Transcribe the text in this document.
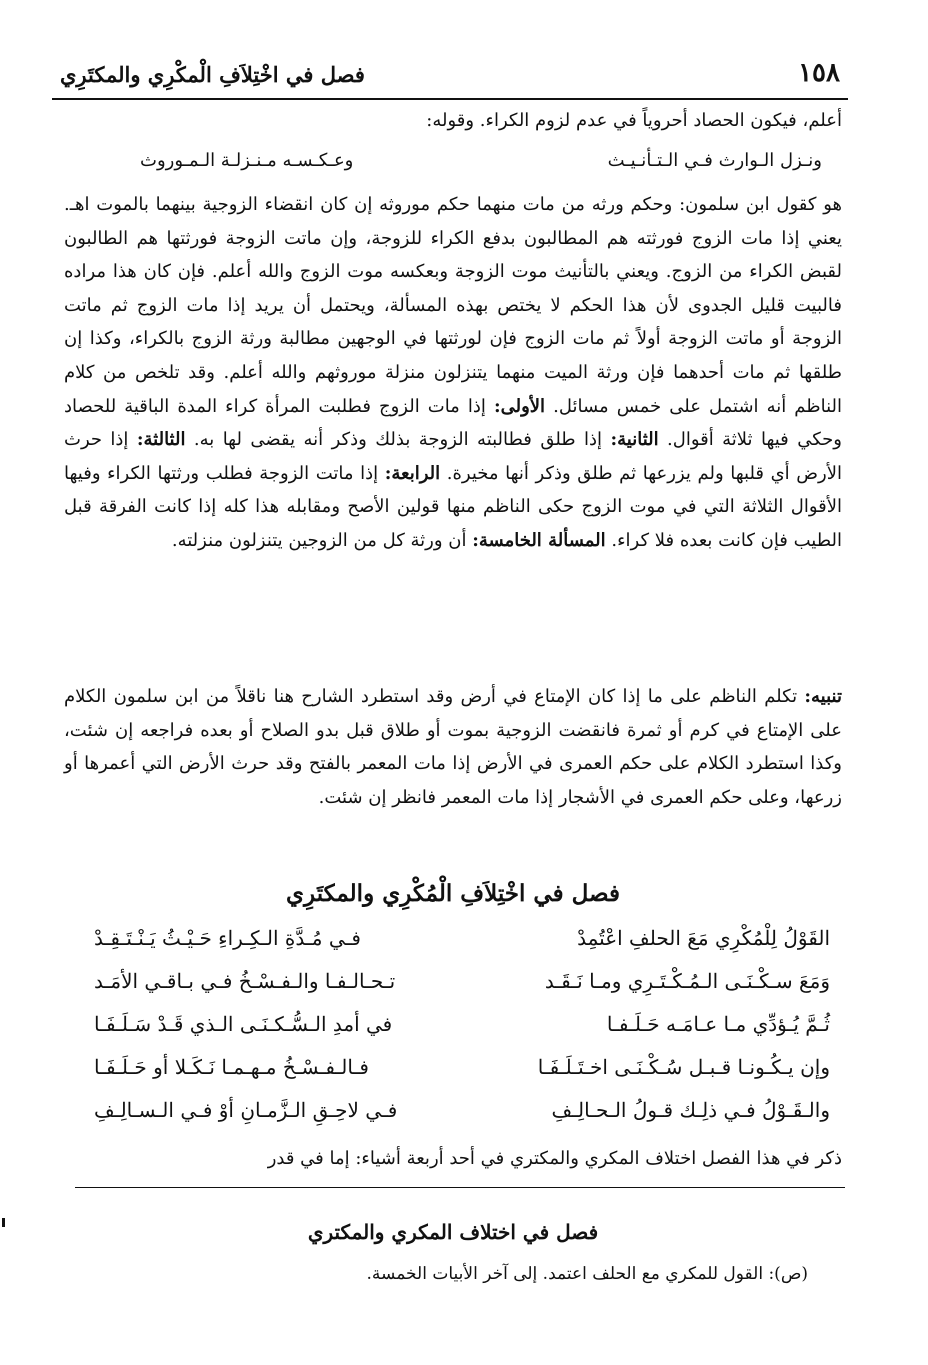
١٥٨
فصل في اخْتِلاَفِ الْمكْرِي والمكتَرِي
أعلم، فيكون الحصاد أحروياً في عدم لزوم الكراء. وقوله:
ونـزل الـوارث فـي الـتـأنـيـث
وعـكـسـه مـنـزلـة الـمـوروث
هو كقول ابن سلمون: وحكم ورثه من مات منهما حكم موروثه إن كان انقضاء الزوجية بينهما بالموت اهـ. يعني إذا مات الزوج فورثته هم المطالبون بدفع الكراء للزوجة، وإن ماتت الزوجة فورثتها هم الطالبون لقبض الكراء من الزوج. ويعني بالتأنيث موت الزوجة وبعكسه موت الزوج والله أعلم. فإن كان هذا مراده فالبيت قليل الجدوى لأن هذا الحكم لا يختص بهذه المسألة، ويحتمل أن يريد إذا مات الزوج ثم ماتت الزوجة أو ماتت الزوجة أولاً ثم مات الزوج فإن لورثتها في الوجهين مطالبة ورثة الزوج بالكراء، وكذا إن طلقها ثم مات أحدهما فإن ورثة الميت منهما يتنزلون منزلة موروثهم والله أعلم. وقد تلخص من كلام الناظم أنه اشتمل على خمس مسائل. الأولى: إذا مات الزوج فطلبت المرأة كراء المدة الباقية للحصاد وحكي فيها ثلاثة أقوال. الثانية: إذا طلق فطالبته الزوجة بذلك وذكر أنه يقضى لها به. الثالثة: إذا حرث الأرض أي قلبها ولم يزرعها ثم طلق وذكر أنها مخيرة. الرابعة: إذا ماتت الزوجة فطلب ورثتها الكراء وفيها الأقوال الثلاثة التي في موت الزوج حكى الناظم منها قولين الأصح ومقابله هذا كله إذا كانت الفرقة قبل الطيب فإن كانت بعده فلا كراء. المسألة الخامسة: أن ورثة كل من الزوجين يتنزلون منزلته.
تنبيه: تكلم الناظم على ما إذا كان الإمتاع في أرض وقد استطرد الشارح هنا ناقلاً من ابن سلمون الكلام على الإمتاع في كرم أو ثمرة فانقضت الزوجية بموت أو طلاق قبل بدو الصلاح أو بعده فراجعه إن شئت، وكذا استطرد الكلام على حكم العمرى في الأرض إذا مات المعمر بالفتح وقد حرث الأرض التي أعمرها أو زرعها، وعلى حكم العمرى في الأشجار إذا مات المعمر فانظر إن شئت.
فصل في اخْتِلاَفِ الْمُكْرِي والمكتَرِي
القَوْلُ لِلْمُكْرِي مَعَ الحلفِ اعْتُمِدْ
فـي مُـدَّةِ الـكِـراءِ حَـيْـثُ يَـنْـتَـقِـدْ
وَمَعَ سـكْـنَـى الـمُـكْـتَـرِي ومـا نَـقَـد
تـحـالـفـا والـفـسْـخُ فـي بـاقـي الأمَـد
ثُـمَّ يُـؤدِّي مـا عـامَـه حَـلَـفـا
في أمدِ الـسُّـكـنَـى الـذي قَـدْ سَـلَـفَـا
وإن يـكُـونـا قـبـل سُـكْـنَـى اخـتَـلَـفَـا
فـالـفـسْـخُ مـهـمـا نَـكَـلا أو حَـلَـفَـا
والـقَـوْلُ فـي ذلِـك قـولُ الـحـالِـفِ
فـي لاحِـقِ الـزَّمـانِ أوْ فـي الـسـالِـفِ
ذكر في هذا الفصل اختلاف المكري والمكتري في أحد أربعة أشياء: إما في قدر
فصل في اختلاف المكري والمكتري
(ص): القول للمكري مع الحلف اعتمد. إلى آخر الأبيات الخمسة.
